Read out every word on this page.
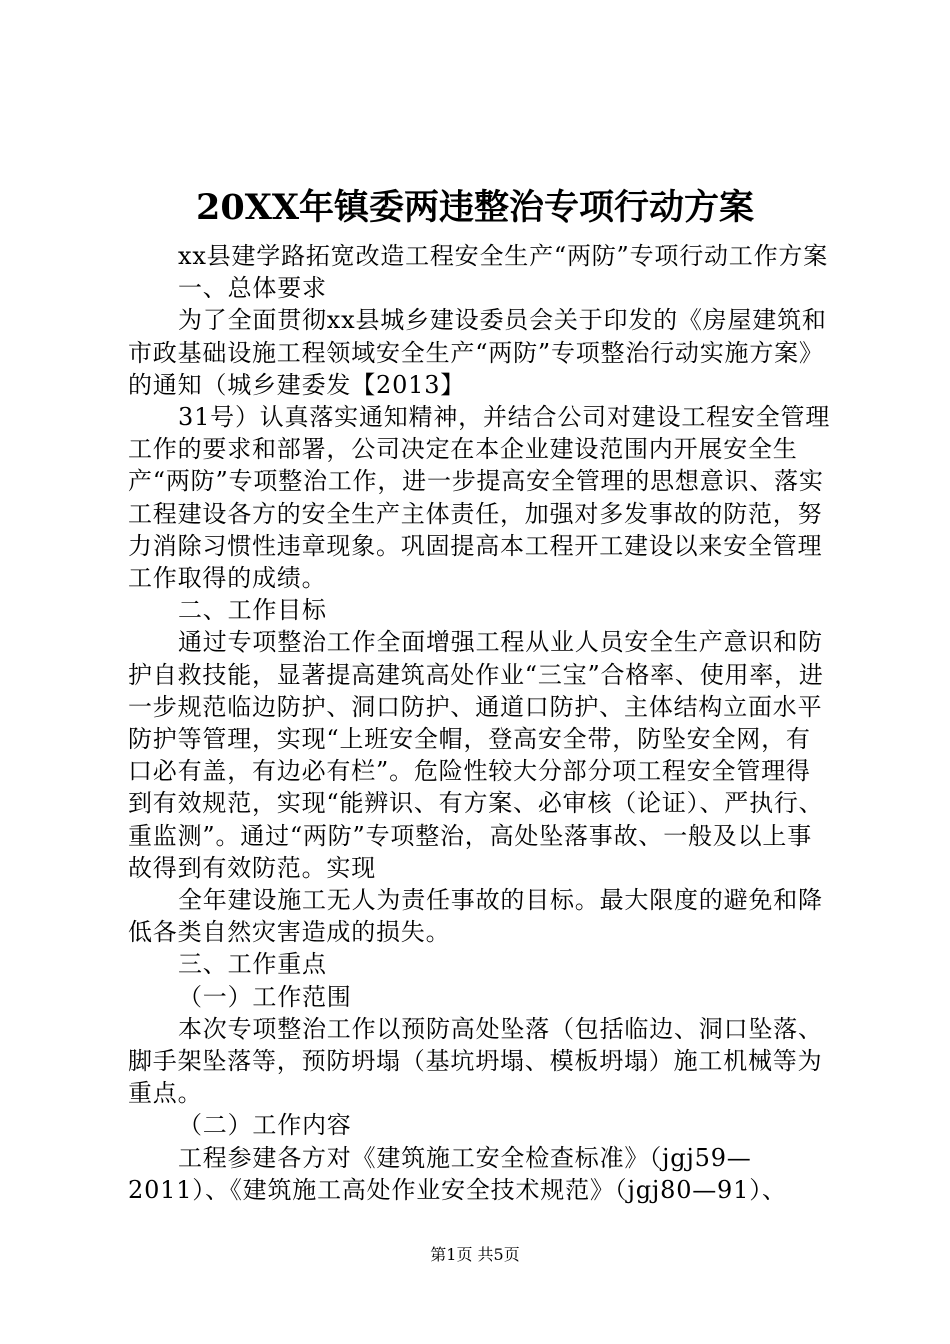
20XX年镇委两违整治专项行动方案

xx县建学路拓宽改造工程安全生产“两防”专项行动工作方案

一、总体要求

为了全面贯彻xx县城乡建设委员会关于印发的《房屋建筑和市政基础设施工程领域安全生产“两防”专项整治行动实施方案》的通知（城乡建委发【2013】

31号）认真落实通知精神，并结合公司对建设工程安全管理工作的要求和部署，公司决定在本企业建设范围内开展安全生产“两防”专项整治工作，进一步提高安全管理的思想意识、落实工程建设各方的安全生产主体责任，加强对多发事故的防范，努力消除习惯性违章现象。巩固提高本工程开工建设以来安全管理工作取得的成绩。

二、工作目标

通过专项整治工作全面增强工程从业人员安全生产意识和防护自救技能，显著提高建筑高处作业“三宝”合格率、使用率，进一步规范临边防护、洞口防护、通道口防护、主体结构立面水平防护等管理，实现“上班安全帽，登高安全带，防坠安全网，有口必有盖，有边必有栏”。危险性较大分部分项工程安全管理得到有效规范，实现“能辨识、有方案、必审核（论证）、严执行、重监测”。通过“两防”专项整治，高处坠落事故、一般及以上事故得到有效防范。实现

全年建设施工无人为责任事故的目标。最大限度的避免和降低各类自然灾害造成的损失。

三、工作重点

（一）工作范围

本次专项整治工作以预防高处坠落（包括临边、洞口坠落、脚手架坠落等，预防坍塌（基坑坍塌、模板坍塌）施工机械等为重点。

（二）工作内容

工程参建各方对《建筑施工安全检查标准》（jgj59—2011）、《建筑施工高处作业安全技术规范》（jgj80—91）、

第1页 共5页
